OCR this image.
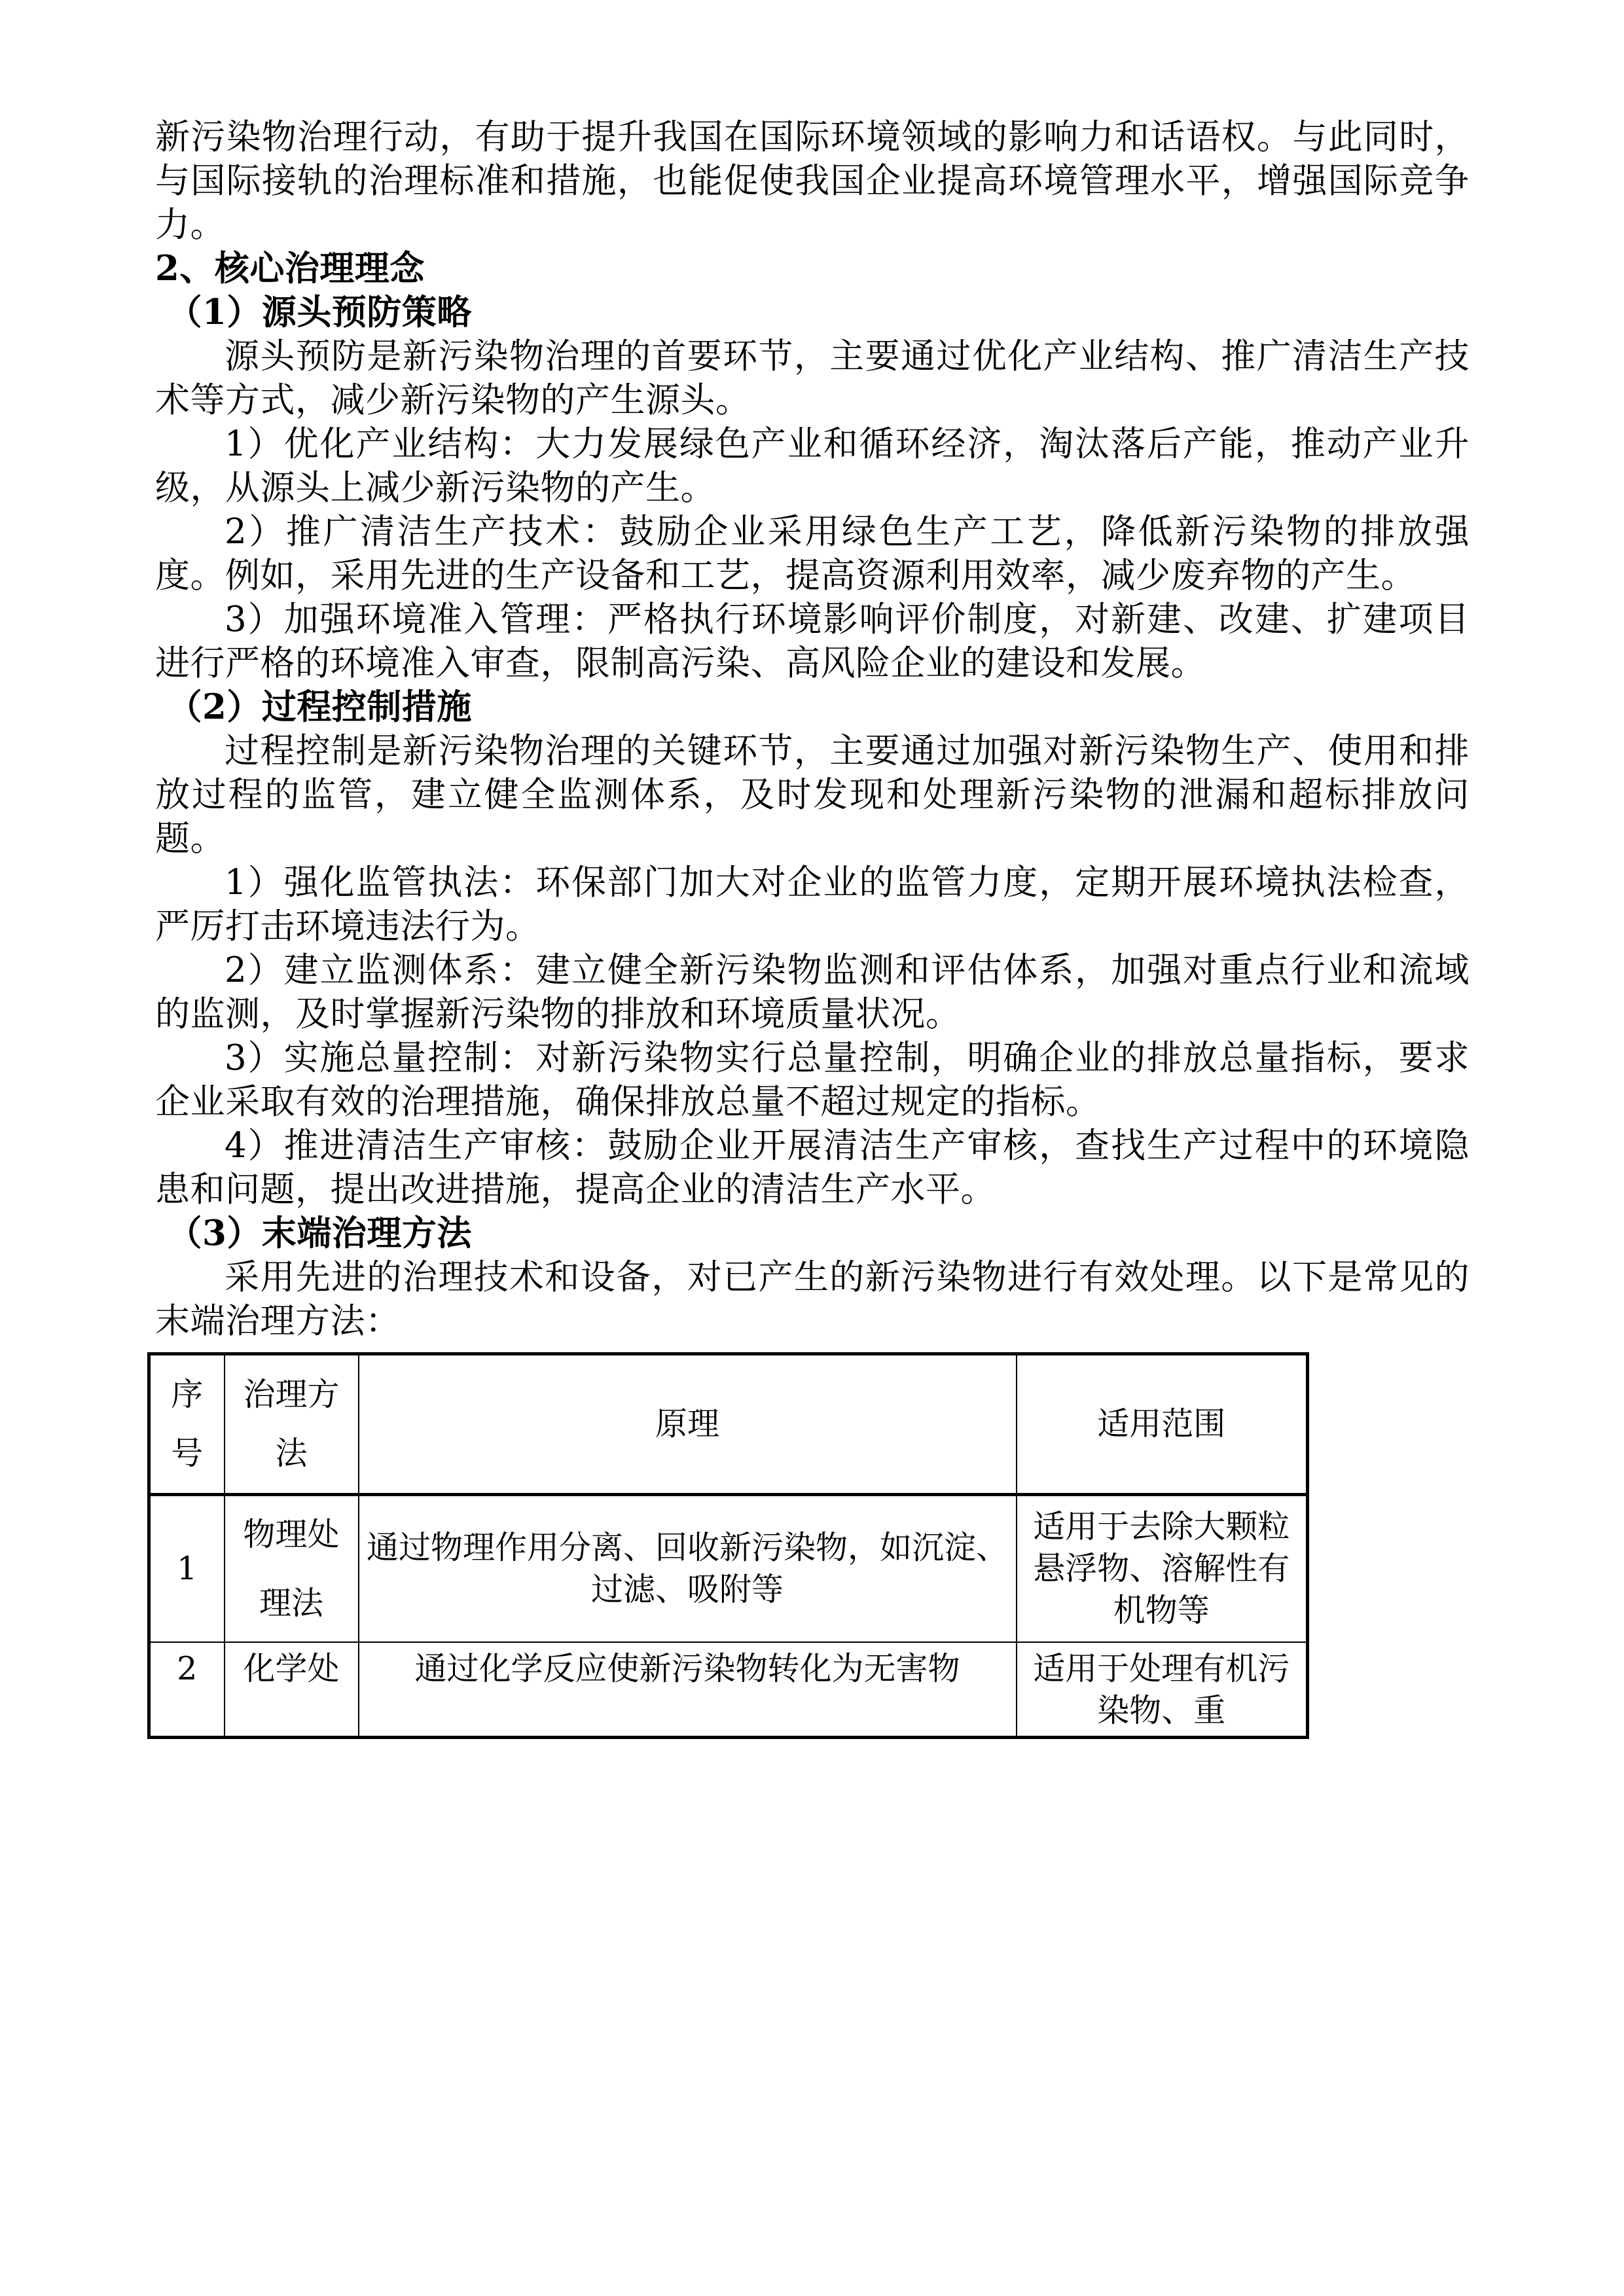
新污染物治理行动，有助于提升我国在国际环境领域的影响力和话语权。与此同时，与国际接轨的治理标准和措施，也能促使我国企业提高环境管理水平，增强国际竞争力。

2、核心治理理念

（1）源头预防策略

源头预防是新污染物治理的首要环节，主要通过优化产业结构、推广清洁生产技术等方式，减少新污染物的产生源头。

1）优化产业结构：大力发展绿色产业和循环经济，淘汰落后产能，推动产业升级，从源头上减少新污染物的产生。

2）推广清洁生产技术：鼓励企业采用绿色生产工艺，降低新污染物的排放强度。例如，采用先进的生产设备和工艺，提高资源利用效率，减少废弃物的产生。

3）加强环境准入管理：严格执行环境影响评价制度，对新建、改建、扩建项目进行严格的环境准入审查，限制高污染、高风险企业的建设和发展。

（2）过程控制措施

过程控制是新污染物治理的关键环节，主要通过加强对新污染物生产、使用和排放过程的监管，建立健全监测体系，及时发现和处理新污染物的泄漏和超标排放问题。

1）强化监管执法：环保部门加大对企业的监管力度，定期开展环境执法检查，严厉打击环境违法行为。

2）建立监测体系：建立健全新污染物监测和评估体系，加强对重点行业和流域的监测，及时掌握新污染物的排放和环境质量状况。

3）实施总量控制：对新污染物实行总量控制，明确企业的排放总量指标，要求企业采取有效的治理措施，确保排放总量不超过规定的指标。

4）推进清洁生产审核：鼓励企业开展清洁生产审核，查找生产过程中的环境隐患和问题，提出改进措施，提高企业的清洁生产水平。

（3）末端治理方法

采用先进的治理技术和设备，对已产生的新污染物进行有效处理。以下是常见的末端治理方法：

序号	治理方法	原理	适用范围
1	物理处理法	通过物理作用分离、回收新污染物，如沉淀、过滤、吸附等	适用于去除大颗粒悬浮物、溶解性有机物等
2	化学处	通过化学反应使新污染物转化为无害物	适用于处理有机污染物、重
